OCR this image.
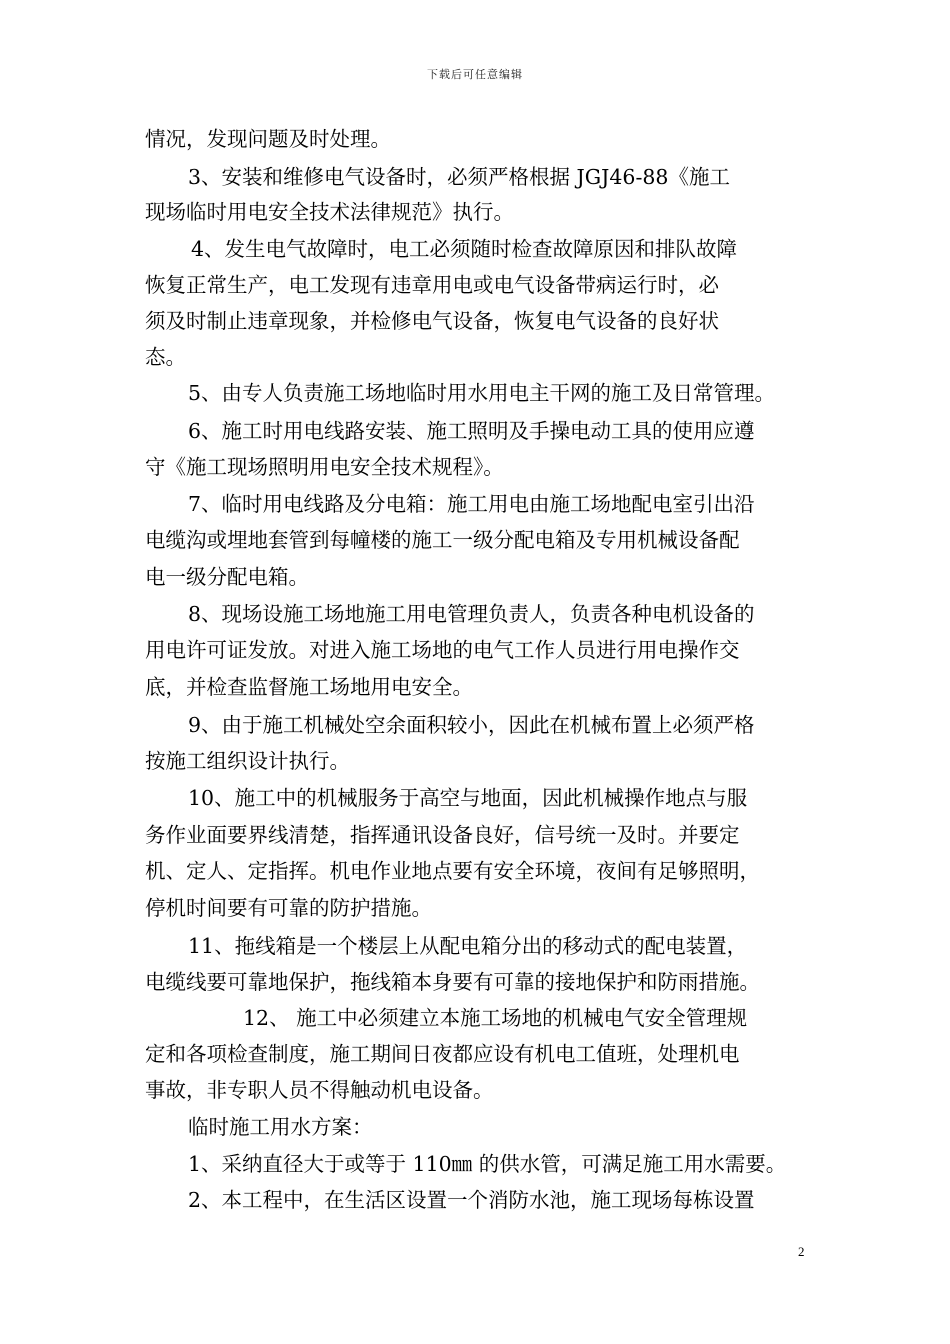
下载后可任意编辑
情况，发现问题及时处理。
3、安装和维修电气设备时，必须严格根据 JGJ46-88《施工
现场临时用电安全技术法律规范》执行。
4、发生电气故障时，电工必须随时检查故障原因和排队故障
恢复正常生产，电工发现有违章用电或电气设备带病运行时，必
须及时制止违章现象，并检修电气设备，恢复电气设备的良好状
态。
5、由专人负责施工场地临时用水用电主干网的施工及日常管理。
6、施工时用电线路安装、施工照明及手操电动工具的使用应遵
守《施工现场照明用电安全技术规程》。
7、临时用电线路及分电箱：施工用电由施工场地配电室引出沿
电缆沟或埋地套管到每幢楼的施工一级分配电箱及专用机械设备配
电一级分配电箱。
8、现场设施工场地施工用电管理负责人，负责各种电机设备的
用电许可证发放。对进入施工场地的电气工作人员进行用电操作交
底，并检查监督施工场地用电安全。
9、由于施工机械处空余面积较小，因此在机械布置上必须严格
按施工组织设计执行。
10、施工中的机械服务于高空与地面，因此机械操作地点与服
务作业面要界线清楚，指挥通讯设备良好，信号统一及时。并要定
机、定人、定指挥。机电作业地点要有安全环境，夜间有足够照明，
停机时间要有可靠的防护措施。
11、拖线箱是一个楼层上从配电箱分出的移动式的配电装置，
电缆线要可靠地保护，拖线箱本身要有可靠的接地保护和防雨措施。
12、 施工中必须建立本施工场地的机械电气安全管理规
定和各项检查制度，施工期间日夜都应设有机电工值班，处理机电
事故，非专职人员不得触动机电设备。
临时施工用水方案：
1、采纳直径大于或等于 110㎜ 的供水管，可满足施工用水需要。
2、本工程中，在生活区设置一个消防水池，施工现场每栋设置
2
